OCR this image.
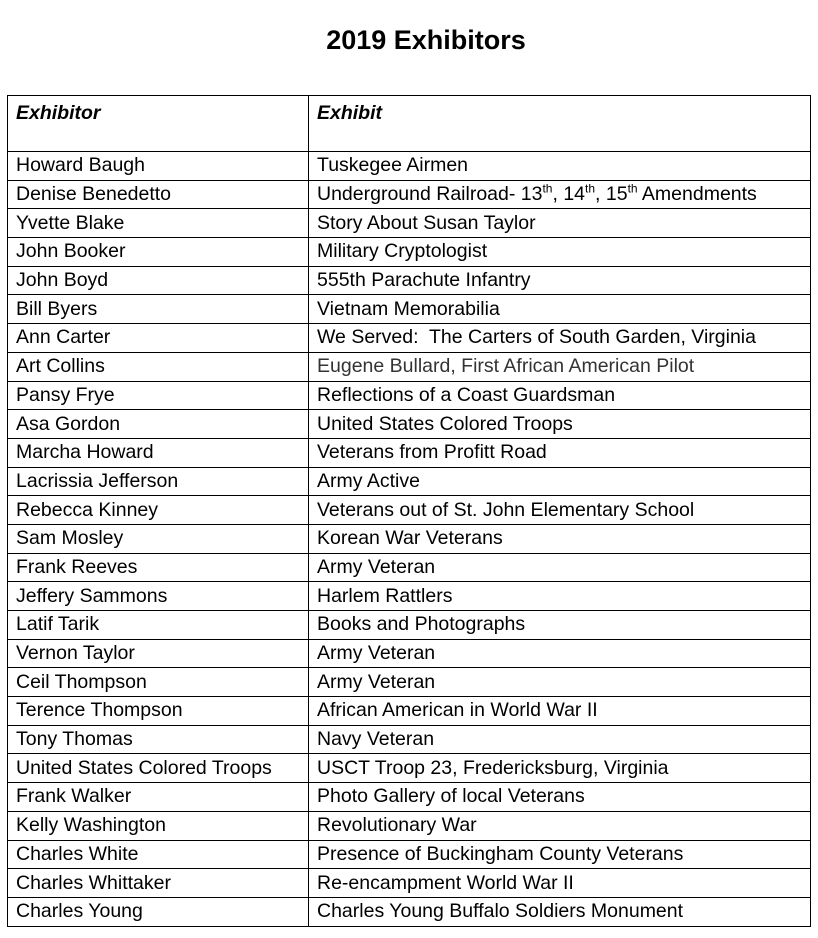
2019 Exhibitors
Exhibitor	Exhibit
Howard Baugh	Tuskegee Airmen
Denise Benedetto	Underground Railroad- 13th, 14th, 15th Amendments
Yvette Blake	Story About Susan Taylor
John Booker	Military Cryptologist
John Boyd	555th Parachute Infantry
Bill Byers	Vietnam Memorabilia
Ann Carter	We Served:  The Carters of South Garden, Virginia
Art Collins	Eugene Bullard, First African American Pilot
Pansy Frye	Reflections of a Coast Guardsman
Asa Gordon	United States Colored Troops
Marcha Howard	Veterans from Profitt Road
Lacrissia Jefferson	Army Active
Rebecca Kinney	Veterans out of St. John Elementary School
Sam Mosley	Korean War Veterans
Frank Reeves	Army Veteran
Jeffery Sammons	Harlem Rattlers
Latif Tarik	Books and Photographs
Vernon Taylor	Army Veteran
Ceil Thompson	Army Veteran
Terence Thompson	African American in World War II
Tony Thomas	Navy Veteran
United States Colored Troops	USCT Troop 23, Fredericksburg, Virginia
Frank Walker	Photo Gallery of local Veterans
Kelly Washington	Revolutionary War
Charles White	Presence of Buckingham County Veterans
Charles Whittaker	Re-encampment World War II
Charles Young	Charles Young Buffalo Soldiers Monument
